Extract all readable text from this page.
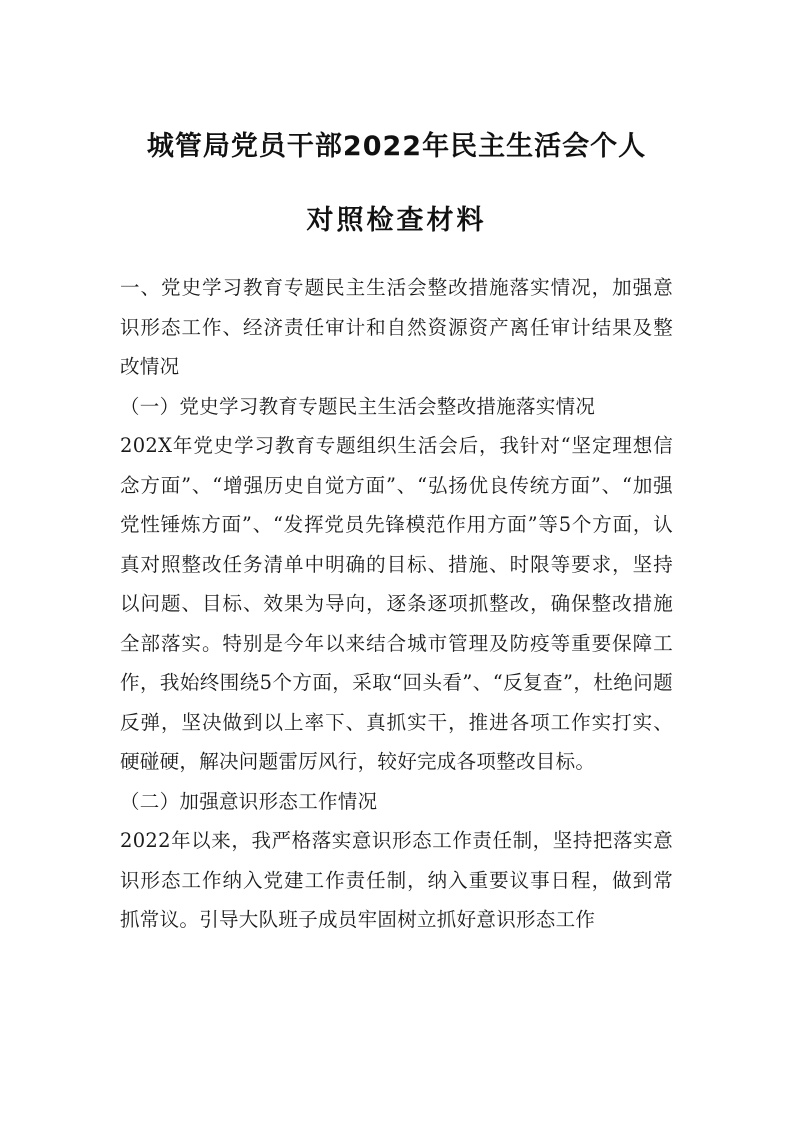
城管局党员干部2022年民主生活会个人
对照检查材料

一、党史学习教育专题民主生活会整改措施落实情况，加强意识形态工作、经济责任审计和自然资源资产离任审计结果及整改情况

（一）党史学习教育专题民主生活会整改措施落实情况

202X年党史学习教育专题组织生活会后，我针对“坚定理想信念方面”、“增强历史自觉方面”、“弘扬优良传统方面”、“加强党性锤炼方面”、“发挥党员先锋模范作用方面”等5个方面，认真对照整改任务清单中明确的目标、措施、时限等要求，坚持以问题、目标、效果为导向，逐条逐项抓整改，确保整改措施全部落实。特别是今年以来结合城市管理及防疫等重要保障工作，我始终围绕5个方面，采取“回头看”、“反复查”，杜绝问题反弹，坚决做到以上率下、真抓实干，推进各项工作实打实、硬碰硬，解决问题雷厉风行，较好完成各项整改目标。

（二）加强意识形态工作情况

2022年以来，我严格落实意识形态工作责任制，坚持把落实意识形态工作纳入党建工作责任制，纳入重要议事日程，做到常抓常议。引导大队班子成员牢固树立抓好意识形态工作
